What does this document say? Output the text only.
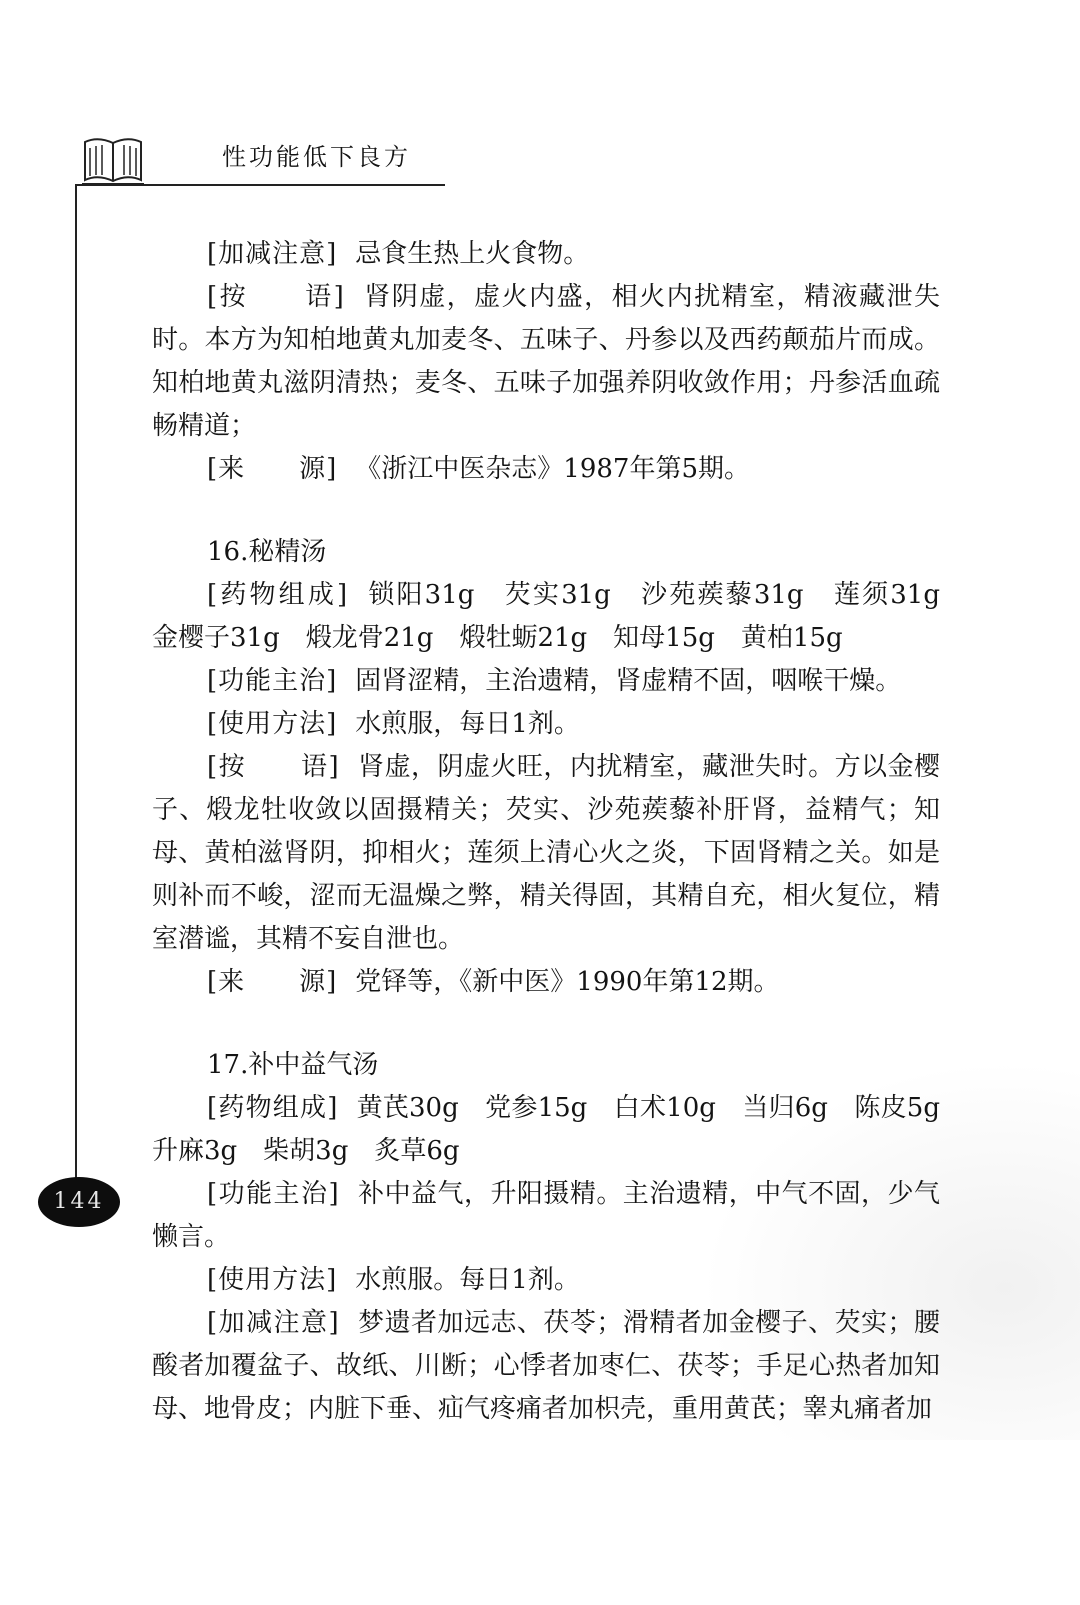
性功能低下良方
144

[加减注意] 忌食生热上火食物。

[按　　语] 肾阴虚，虚火内盛，相火内扰精室，精液藏泄失时。本方为知柏地黄丸加麦冬、五味子、丹参以及西药颠茄片而成。知柏地黄丸滋阴清热；麦冬、五味子加强养阴收敛作用；丹参活血疏畅精道；

[来　　源] 《浙江中医杂志》1987年第5期。

16.秘精汤

[药物组成] 锁阳31g　芡实31g　沙苑蒺藜31g　莲须31g　金樱子31g　煅龙骨21g　煅牡蛎21g　知母15g　黄柏15g

[功能主治] 固肾涩精，主治遗精，肾虚精不固，咽喉干燥。

[使用方法] 水煎服，每日1剂。

[按　　语] 肾虚，阴虚火旺，内扰精室，藏泄失时。方以金樱子、煅龙牡收敛以固摄精关；芡实、沙苑蒺藜补肝肾，益精气；知母、黄柏滋肾阴，抑相火；莲须上清心火之炎，下固肾精之关。如是则补而不峻，涩而无温燥之弊，精关得固，其精自充，相火复位，精室潜谧，其精不妄自泄也。

[来　　源] 党铎等，《新中医》1990年第12期。

17.补中益气汤

[药物组成] 黄芪30g　党参15g　白术10g　当归6g　陈皮5g　升麻3g　柴胡3g　炙草6g

[功能主治] 补中益气，升阳摄精。主治遗精，中气不固，少气懒言。

[使用方法] 水煎服。每日1剂。

[加减注意] 梦遗者加远志、茯苓；滑精者加金樱子、芡实；腰酸者加覆盆子、故纸、川断；心悸者加枣仁、茯苓；手足心热者加知母、地骨皮；内脏下垂、疝气疼痛者加枳壳，重用黄芪；睾丸痛者加
